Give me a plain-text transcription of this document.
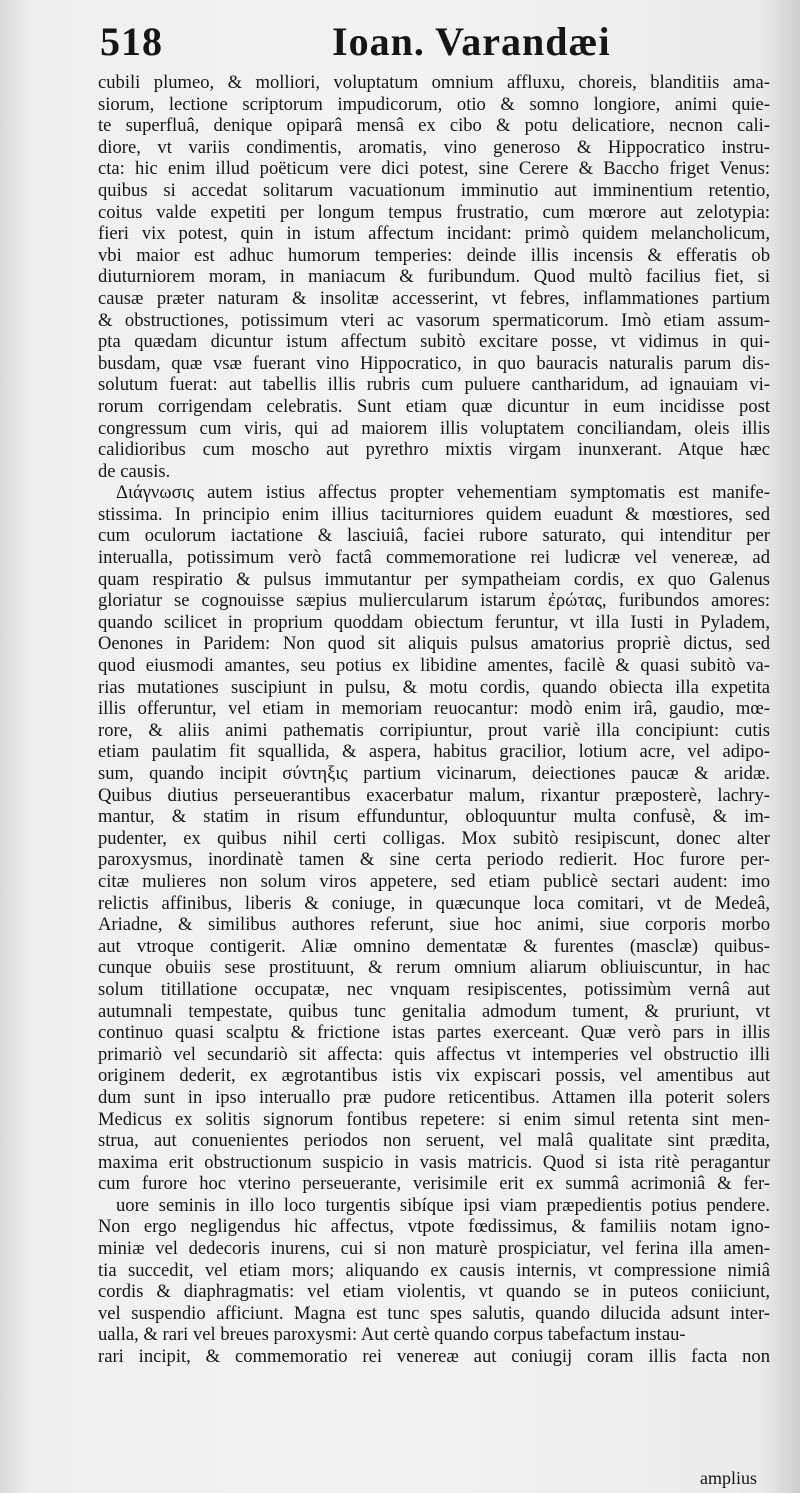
518	Ioan. Varandæi
cubili plumeo, & molliori, voluptatum omnium affluxu, choreis, blanditiis ama-
siorum, lectione scriptorum impudicorum, otio & somno longiore, animi quie-
te superfluâ, denique opiparâ mensâ ex cibo & potu delicatiore, necnon cali-
diore, vt variis condimentis, aromatis, vino generoso & Hippocratico instru-
cta: hic enim illud poëticum vere dici potest, sine Cerere & Baccho friget Venus:
quibus si accedat solitarum vacuationum imminutio aut imminentium retentio,
coitus valde expetiti per longum tempus frustratio, cum mœrore aut zelotypia:
fieri vix potest, quin in istum affectum incidant: primò quidem melancholicum,
vbi maior est adhuc humorum temperies: deinde illis incensis & efferatis ob
diuturniorem moram, in maniacum & furibundum. Quod multò facilius fiet, si
causæ præter naturam & insolitæ accesserint, vt febres, inflammationes partium
& obstructiones, potissimum vteri ac vasorum spermaticorum. Imò etiam assum-
pta quædam dicuntur istum affectum subitò excitare posse, vt vidimus in qui-
busdam, quæ vsæ fuerant vino Hippocratico, in quo bauracis naturalis parum dis-
solutum fuerat: aut tabellis illis rubris cum puluere cantharidum, ad ignauiam vi-
rorum corrigendam celebratis. Sunt etiam quæ dicuntur in eum incidisse post
congressum cum viris, qui ad maiorem illis voluptatem conciliandam, oleis illis
calidioribus cum moscho aut pyrethro mixtis virgam inunxerant. Atque hæc
de causis.
Διάγνωσις autem istius affectus propter vehementiam symptomatis est manife-
stissima. In principio enim illius taciturniores quidem euadunt & mœstiores, sed
cum oculorum iactatione & lasciuiâ, faciei rubore saturato, qui intenditur per
interualla, potissimum verò factâ commemoratione rei ludicræ vel venereæ, ad
quam respiratio & pulsus immutantur per sympatheiam cordis, ex quo Galenus
gloriatur se cognouisse sæpius muliercularum istarum ἐρώτας, furibundos amores:
quando scilicet in proprium quoddam obiectum feruntur, vt illa Iusti in Pyladem,
Oenones in Paridem: Non quod sit aliquis pulsus amatorius propriè dictus, sed
quod eiusmodi amantes, seu potius ex libidine amentes, facilè & quasi subitò va-
rias mutationes suscipiunt in pulsu, & motu cordis, quando obiecta illa expetita
illis offeruntur, vel etiam in memoriam reuocantur: modò enim irâ, gaudio, mœ-
rore, & aliis animi pathematis corripiuntur, prout variè illa concipiunt: cutis
etiam paulatim fit squallida, & aspera, habitus gracilior, lotium acre, vel adipo-
sum, quando incipit σύντηξις partium vicinarum, deiectiones paucæ & aridæ.
Quibus diutius perseuerantibus exacerbatur malum, rixantur præposterè, lachry-
mantur, & statim in risum effunduntur, obloquuntur multa confusè, & im-
pudenter, ex quibus nihil certi colligas. Mox subitò resipiscunt, donec alter
paroxysmus, inordinatè tamen & sine certa periodo redierit. Hoc furore per-
citæ mulieres non solum viros appetere, sed etiam publicè sectari audent: imo
relictis affinibus, liberis & coniuge, in quæcunque loca comitari, vt de Medeâ,
Ariadne, & similibus authores referunt, siue hoc animi, siue corporis morbo
aut vtroque contigerit. Aliæ omnino dementatæ & furentes (masclæ) quibus-
cunque obuiis sese prostituunt, & rerum omnium aliarum obliuiscuntur, in hac
solum titillatione occupatæ, nec vnquam resipiscentes, potissimùm vernâ aut
autumnali tempestate, quibus tunc genitalia admodum tument, & pruriunt, vt
continuo quasi scalptu & frictione istas partes exerceant. Quæ verò pars in illis
primariò vel secundariò sit affecta: quis affectus vt intemperies vel obstructio illi
originem dederit, ex ægrotantibus istis vix expiscari possis, vel amentibus aut
dum sunt in ipso interuallo præ pudore reticentibus. Attamen illa poterit solers
Medicus ex solitis signorum fontibus repetere: si enim simul retenta sint men-
strua, aut conuenientes periodos non seruent, vel malâ qualitate sint prædita,
maxima erit obstructionum suspicio in vasis matricis. Quod si ista ritè peragantur
cum furore hoc vterino perseuerante, verisimile erit ex summâ acrimoniâ & fer-
uore seminis in illo loco turgentis sibíque ipsi viam præpedientis potius pendere.
Non ergo negligendus hic affectus, vtpote fœdissimus, & familiis notam igno-
miniæ vel dedecoris inurens, cui si non maturè prospiciatur, vel ferina illa amen-
tia succedit, vel etiam mors; aliquando ex causis internis, vt compressione nimiâ
cordis & diaphragmatis: vel etiam violentis, vt quando se in puteos coniiciunt,
vel suspendio afficiunt. Magna est tunc spes salutis, quando dilucida adsunt inter-
ualla, & rari vel breues paroxysmi: Aut certè quando corpus tabefactum instau-
rari incipit, & commemoratio rei venereæ aut coniugij coram illis facta non
amplius
